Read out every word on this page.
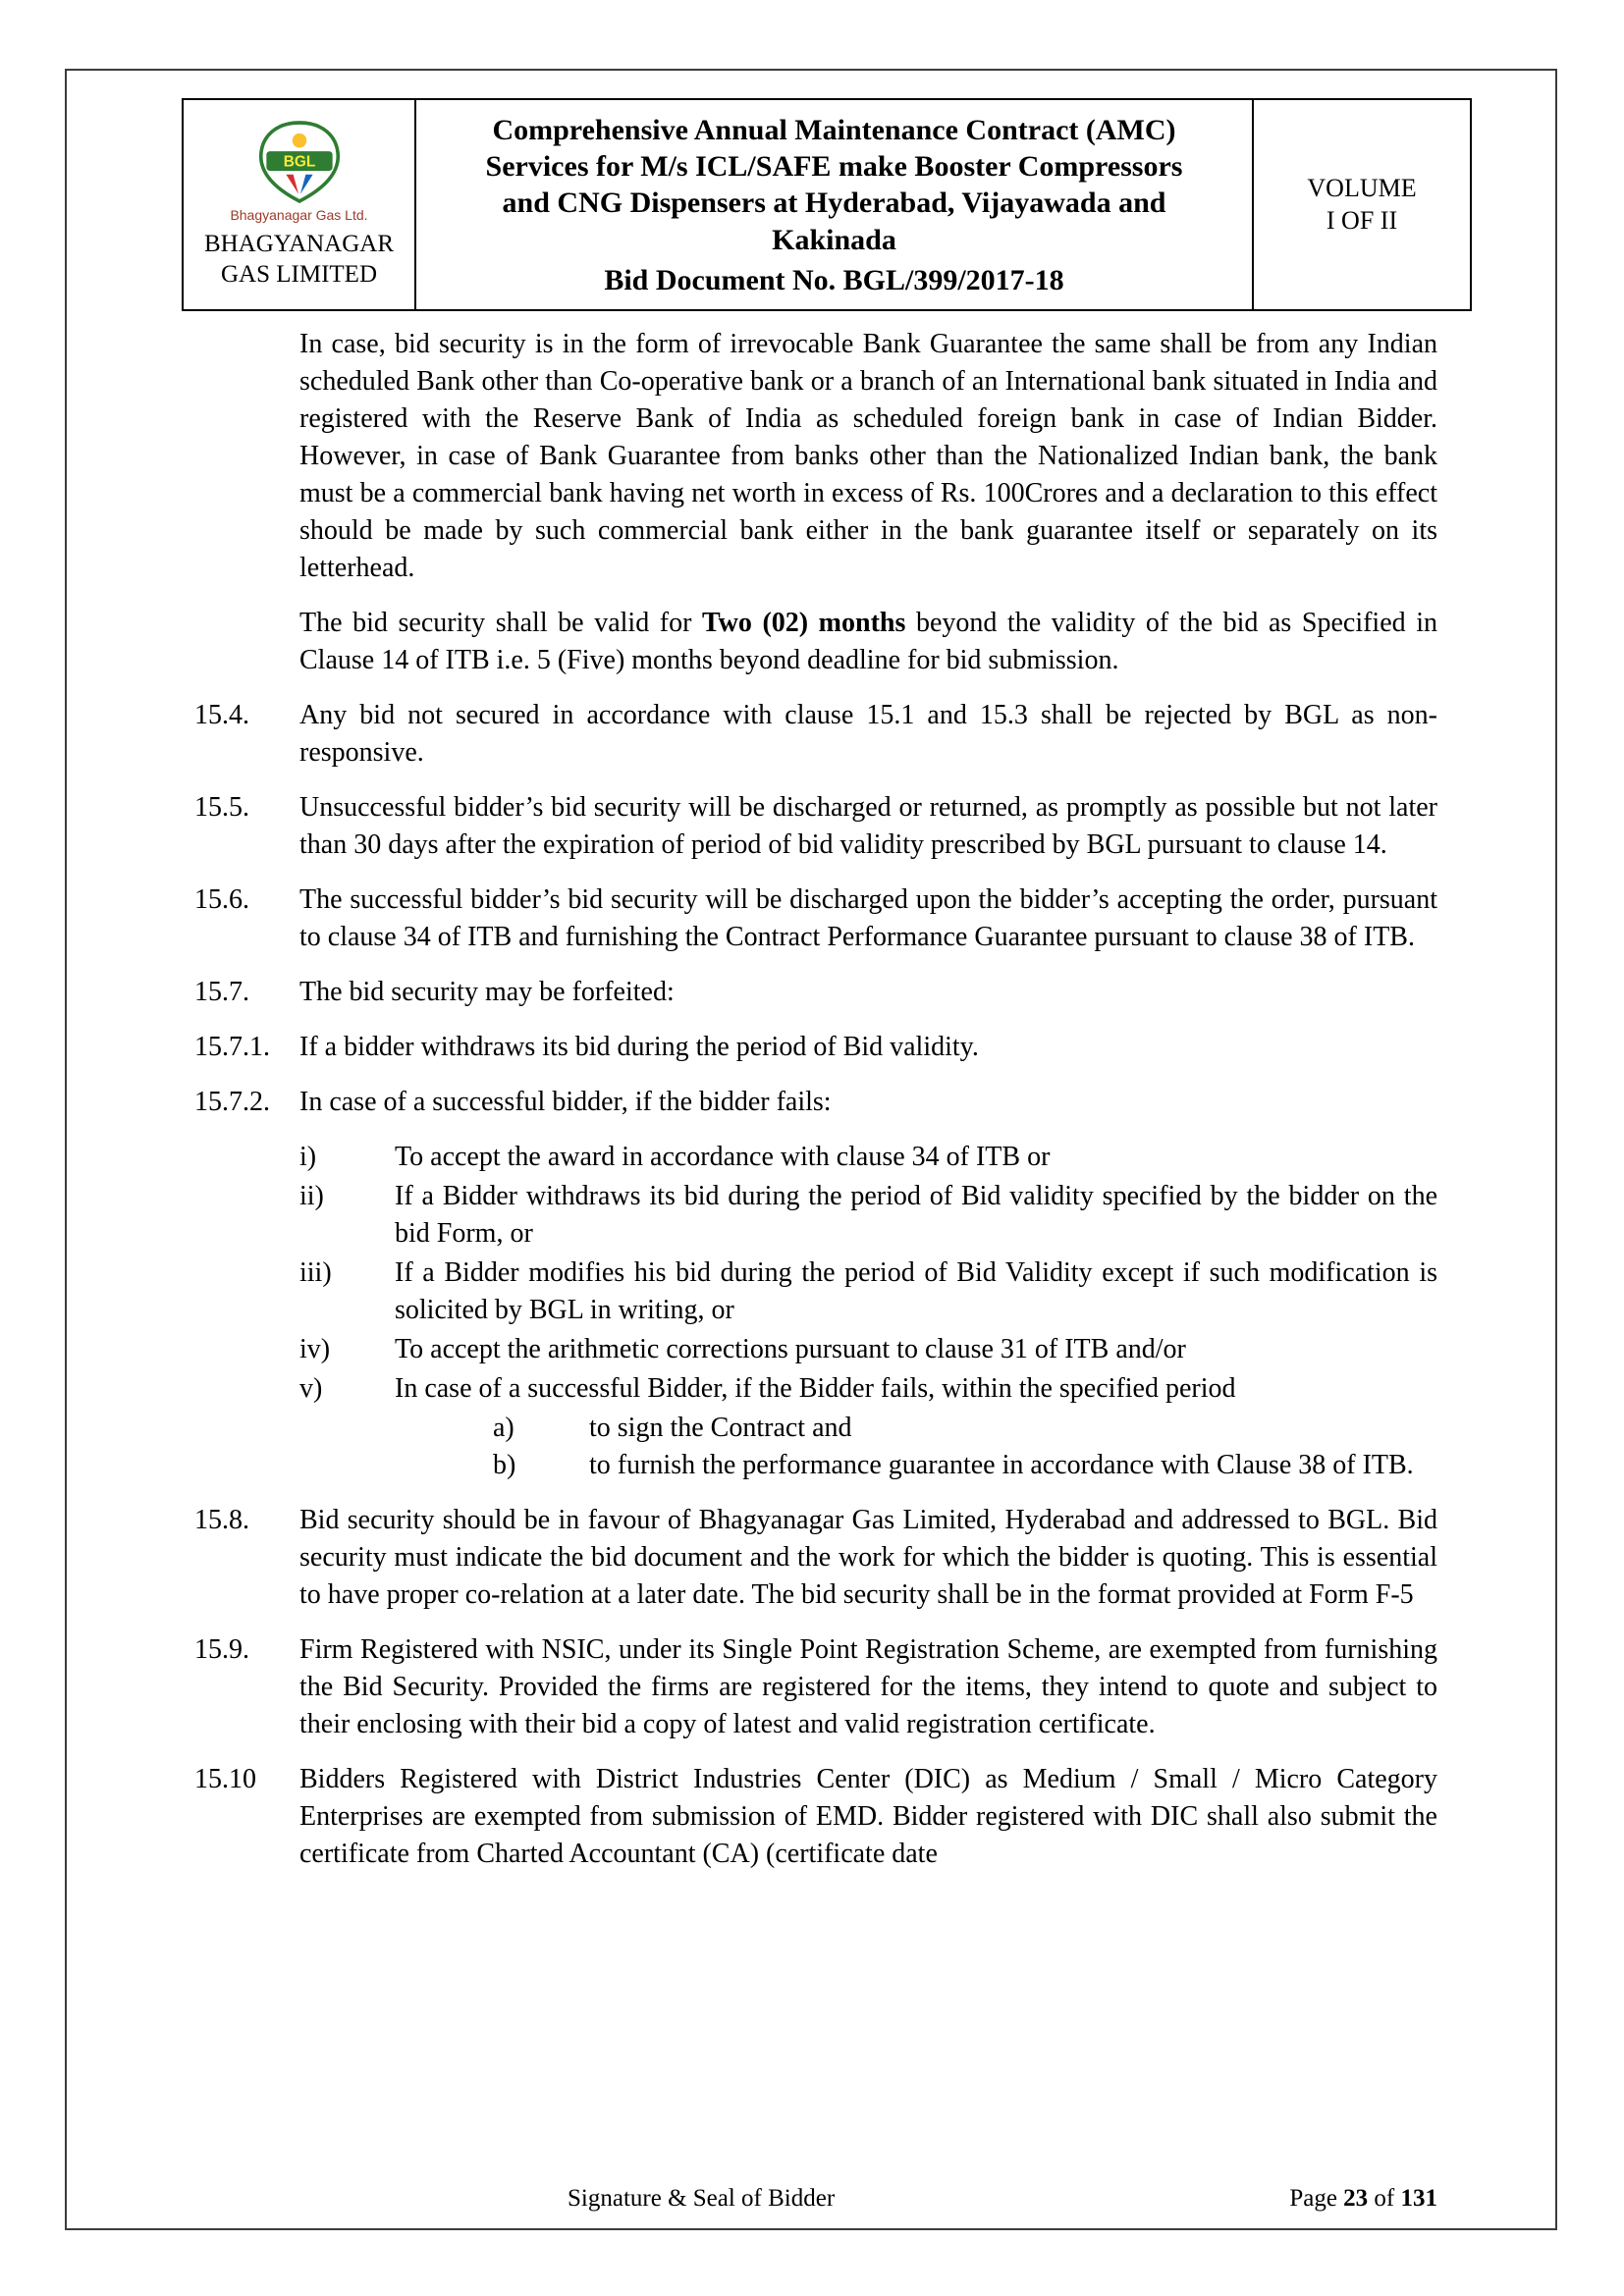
BGL
Bhagyanagar Gas Ltd.
BHAGYANAGAR
GAS LIMITED
Comprehensive Annual Maintenance Contract (AMC)
Services for M/s ICL/SAFE make Booster Compressors
and CNG Dispensers at Hyderabad, Vijayawada and
Kakinada
Bid Document No. BGL/399/2017-18
VOLUME
I OF II

In case, bid security is in the form of irrevocable Bank Guarantee the same shall be from any Indian scheduled Bank other than Co-operative bank or a branch of an International bank situated in India and registered with the Reserve Bank of India as scheduled foreign bank in case of Indian Bidder. However, in case of Bank Guarantee from banks other than the Nationalized Indian bank, the bank must be a commercial bank having net worth in excess of Rs. 100Crores and a declaration to this effect should be made by such commercial bank either in the bank guarantee itself or separately on its letterhead.

The bid security shall be valid for Two (02) months beyond the validity of the bid as Specified in Clause 14 of ITB i.e. 5 (Five) months beyond deadline for bid submission.

15.4.	Any bid not secured in accordance with clause 15.1 and 15.3 shall be rejected by BGL as non-responsive.
15.5.	Unsuccessful bidder’s bid security will be discharged or returned, as promptly as possible but not later than 30 days after the expiration of period of bid validity prescribed by BGL pursuant to clause 14.
15.6.	The successful bidder’s bid security will be discharged upon the bidder’s accepting the order, pursuant to clause 34 of ITB and furnishing the Contract Performance Guarantee pursuant to clause 38 of ITB.
15.7.	The bid security may be forfeited:
15.7.1.	If a bidder withdraws its bid during the period of Bid validity.
15.7.2.	In case of a successful bidder, if the bidder fails:
i)	To accept the award in accordance with clause 34 of ITB or
ii)	If a Bidder withdraws its bid during the period of Bid validity specified by the bidder on the bid Form, or
iii)	If a Bidder modifies his bid during the period of Bid Validity except if such modification is solicited by BGL in writing, or
iv)	To accept the arithmetic corrections pursuant to clause 31 of ITB and/or
v)	In case of a successful Bidder, if the Bidder fails, within the specified period
a)	to sign the Contract and
b)	to furnish the performance guarantee in accordance with Clause 38 of ITB.
15.8.	Bid security should be in favour of Bhagyanagar Gas Limited, Hyderabad and addressed to BGL. Bid security must indicate the bid document and the work for which the bidder is quoting. This is essential to have proper co-relation at a later date. The bid security shall be in the format provided at Form F-5
15.9.	Firm Registered with NSIC, under its Single Point Registration Scheme, are exempted from furnishing the Bid Security. Provided the firms are registered for the items, they intend to quote and subject to their enclosing with their bid a copy of latest and valid registration certificate.
15.10	Bidders Registered with District Industries Center (DIC) as Medium / Small / Micro Category Enterprises are exempted from submission of EMD. Bidder registered with DIC shall also submit the certificate from Charted Accountant (CA) (certificate date
Signature & Seal of Bidder	Page 23 of 131
